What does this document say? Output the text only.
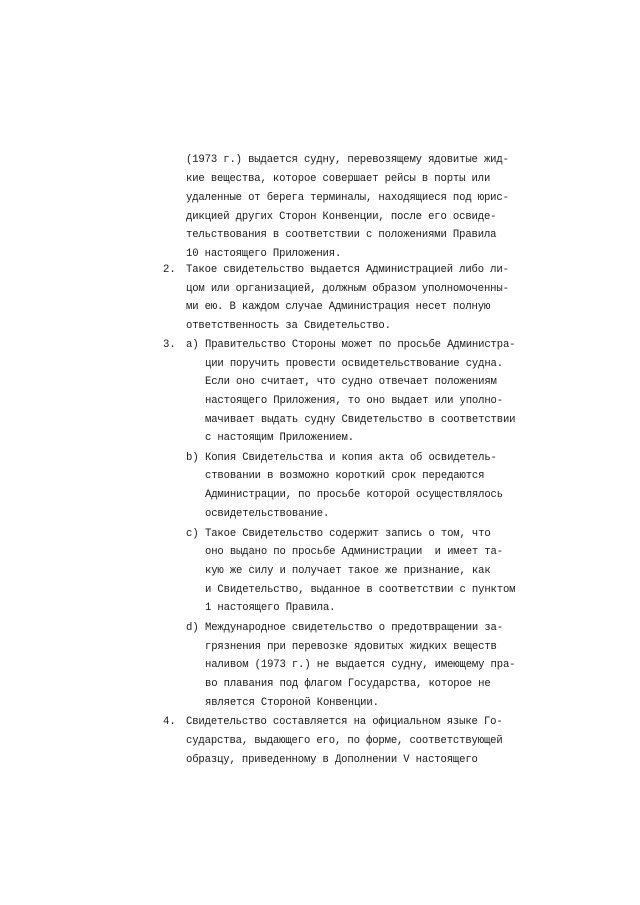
(1973 г.) выдается судну, перевозящему ядовитые жид-
кие вещества, которое совершает рейсы в порты или
удаленные от берега терминалы, находящиеся под юрис-
дикцией других Сторон Конвенции, после его освиде-
тельствования в соответствии с положениями Правила
10 настоящего Приложения.
2. Такое свидетельство выдается Администрацией либо ли-
цом или организацией, должным образом уполномоченны-
ми ею. В каждом случае Администрация несет полную
ответственность за Свидетельство.
3. a) Правительство Стороны может по просьбе Администра-
ции поручить провести освидетельствование судна.
Если оно считает, что судно отвечает положениям
настоящего Приложения, то оно выдает или уполно-
мачивает выдать судну Свидетельство в соответствии
с настоящим Приложением.
b) Копия Свидетельства и копия акта об освидетель-
ствовании в возможно короткий срок передаются
Администрации, по просьбе которой осуществлялось
освидетельствование.
c) Такое Свидетельство содержит запись о том, что
оно выдано по просьбе Администрации  и имеет та-
кую же силу и получает такое же признание, как
и Свидетельство, выданное в соответствии с пунктом
1 настоящего Правила.
d) Международное свидетельство о предотвращении за-
грязнения при перевозке ядовитых жидких веществ
наливом (1973 г.) не выдается судну, имеющему пра-
во плавания под флагом Государства, которое не
является Стороной Конвенции.
4. Свидетельство составляется на официальном языке Го-
сударства, выдающего его, по форме, соответствующей
образцу, приведенному в Дополнении V настоящего
